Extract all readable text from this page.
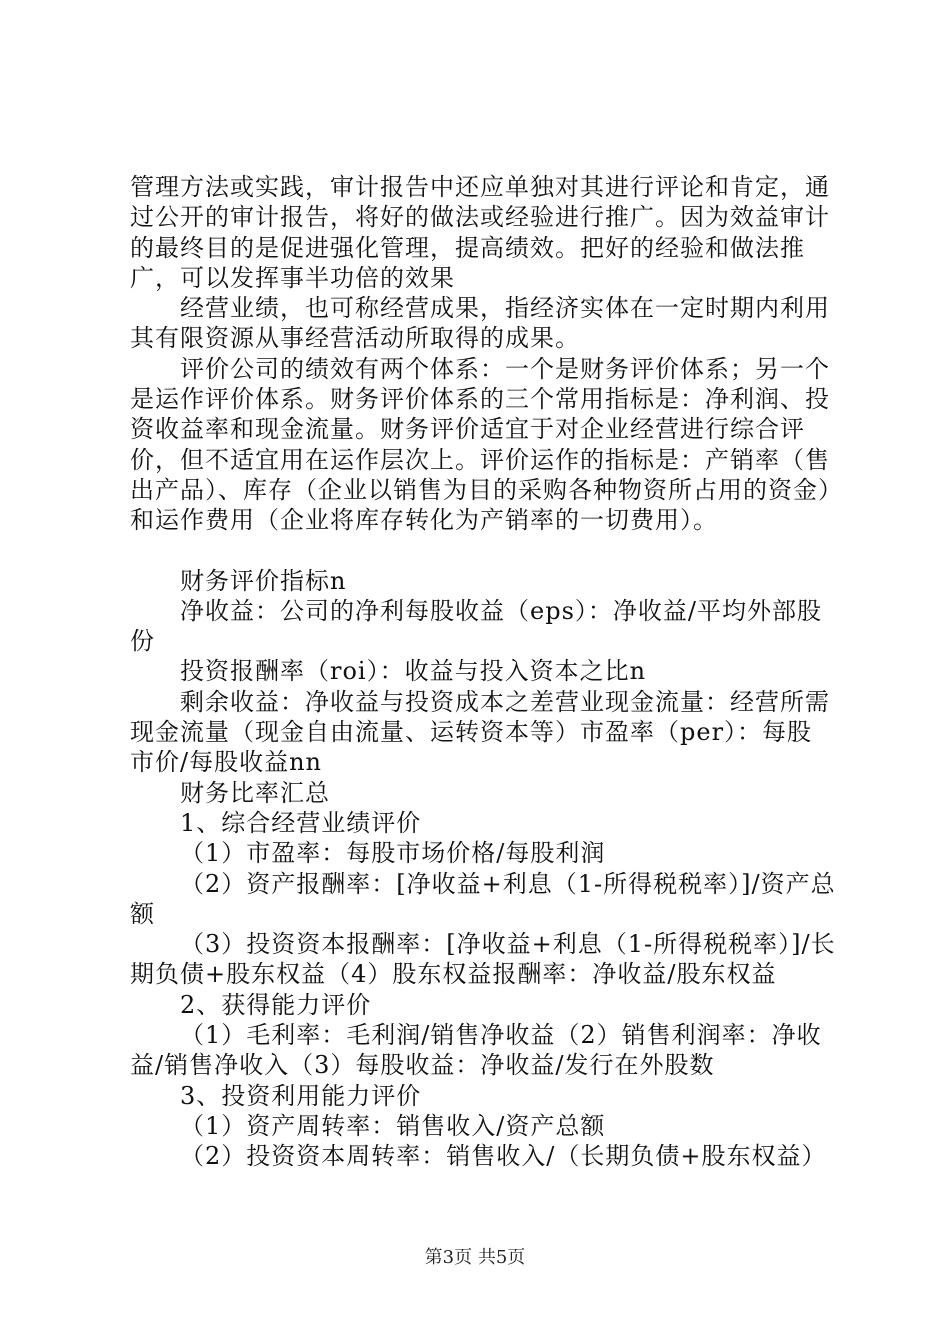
管理方法或实践，审计报告中还应单独对其进行评论和肯定，通过公开的审计报告，将好的做法或经验进行推广。因为效益审计的最终目的是促进强化管理，提高绩效。把好的经验和做法推广，可以发挥事半功倍的效果

经营业绩，也可称经营成果，指经济实体在一定时期内利用其有限资源从事经营活动所取得的成果。

评价公司的绩效有两个体系：一个是财务评价体系；另一个是运作评价体系。财务评价体系的三个常用指标是：净利润、投资收益率和现金流量。财务评价适宜于对企业经营进行综合评价，但不适宜用在运作层次上。评价运作的指标是：产销率（售出产品）、库存（企业以销售为目的采购各种物资所占用的资金）和运作费用（企业将库存转化为产销率的一切费用）。

财务评价指标n

净收益：公司的净利每股收益（eps）：净收益/平均外部股份

投资报酬率（roi）：收益与投入资本之比n

剩余收益：净收益与投资成本之差营业现金流量：经营所需现金流量（现金自由流量、运转资本等）市盈率（per）：每股市价/每股收益nn

财务比率汇总

1、综合经营业绩评价

（1）市盈率：每股市场价格/每股利润

（2）资产报酬率：[净收益+利息（1-所得税税率）]/资产总额

（3）投资资本报酬率：[净收益+利息（1-所得税税率）]/长期负债+股东权益（4）股东权益报酬率：净收益/股东权益

2、获得能力评价

（1）毛利率：毛利润/销售净收益（2）销售利润率：净收益/销售净收入（3）每股收益：净收益/发行在外股数

3、投资利用能力评价

（1）资产周转率：销售收入/资产总额

（2）投资资本周转率：销售收入/（长期负债+股东权益）

第3页 共5页
